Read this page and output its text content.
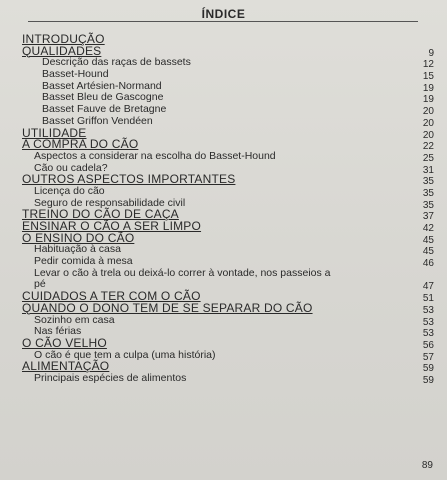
ÍNDICE
INTRODUÇÃO
QUALIDADES	9
Descrição das raças de bassets	12
Basset-Hound	15
Basset Artésien-Normand	19
Basset Bleu de Gascogne	19
Basset Fauve de Bretagne	20
Basset Griffon Vendéen	20
UTILIDADE	20
A COMPRA DO CÃO	22
Aspectos a considerar na escolha do Basset-Hound	25
Cão ou cadela?	31
OUTROS ASPECTOS IMPORTANTES	35
Licença do cão	35
Seguro de responsabilidade civil	35
TREINO DO CÃO DE CAÇA	37
ENSINAR O CÃO A SER LIMPO	42
O ENSINO DO CÃO	45
Habituação à casa	45
Pedir comida à mesa	46
Levar o cão à trela ou deixá-lo correr à vontade, nos passeios a
pé	47
CUIDADOS A TER COM O CÃO	51
QUANDO O DONO TEM DE SE SEPARAR DO CÃO	53
Sozinho em casa	53
Nas férias	53
O CÃO VELHO	56
O cão é que tem a culpa (uma história)	57
ALIMENTAÇÃO	59
Principais espécies de alimentos	59
89
